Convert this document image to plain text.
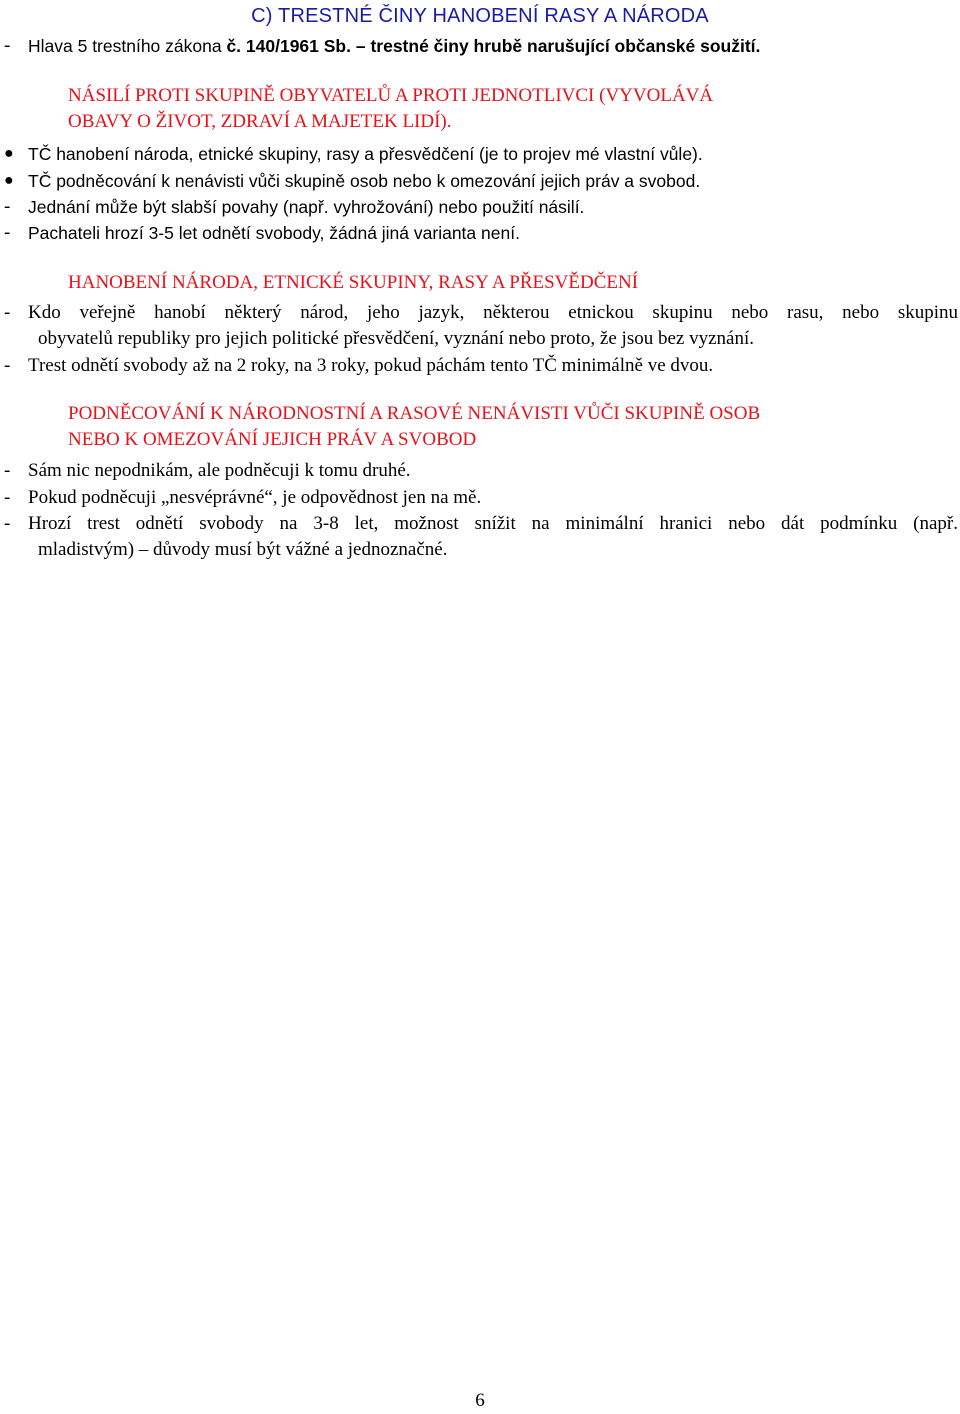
C) TRESTNÉ ČINY HANOBENÍ RASY A NÁRODA
- Hlava 5 trestního zákona č. 140/1961 Sb. – trestné činy hrubě narušující občanské soužití.
NÁSILÍ PROTI SKUPINĚ OBYVATELŮ A PROTI JEDNOTLIVCI (VYVOLÁVÁ
OBAVY O ŽIVOT, ZDRAVÍ A MAJETEK LIDÍ).
● TČ hanobení národa, etnické skupiny, rasy a přesvědčení (je to projev mé vlastní vůle).
● TČ podněcování k nenávisti vůči skupině osob nebo k omezování jejich práv a svobod.
- Jednání může být slabší povahy (např. vyhrožování) nebo použití násilí.
- Pachateli hrozí 3-5 let odnětí svobody, žádná jiná varianta není.
HANOBENÍ NÁRODA, ETNICKÉ SKUPINY, RASY A PŘESVĚDČENÍ
- Kdo veřejně hanobí některý národ, jeho jazyk, některou etnickou skupinu nebo rasu, nebo skupinu
obyvatelů republiky pro jejich politické přesvědčení, vyznání nebo proto, že jsou bez vyznání.
- Trest odnětí svobody až na 2 roky, na 3 roky, pokud páchám tento TČ minimálně ve dvou.
PODNĚCOVÁNÍ K NÁRODNOSTNÍ A RASOVÉ NENÁVISTI VŮČI SKUPINĚ OSOB
NEBO K OMEZOVÁNÍ JEJICH PRÁV A SVOBOD
- Sám nic nepodnikám, ale podněcuji k tomu druhé.
- Pokud podněcuji „nesvéprávné“, je odpovědnost jen na mě.
- Hrozí trest odnětí svobody na 3-8 let, možnost snížit na minimální hranici nebo dát podmínku (např.
mladistvým) – důvody musí být vážné a jednoznačné.
6
